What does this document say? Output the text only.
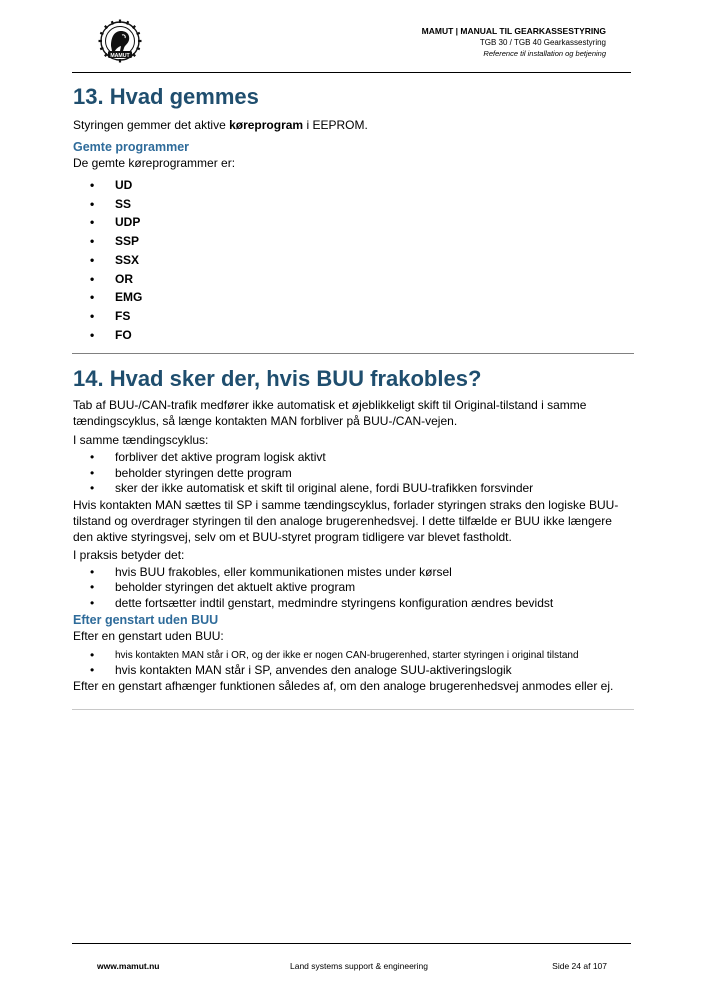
MAMUT
MAMUT | MANUAL TIL GEARKASSESTYRING
TGB 30 / TGB 40 Gearkassestyring
Reference til installation og betjening
13. Hvad gemmes

Styringen gemmer det aktive køreprogram i EEPROM.

Gemte programmer

De gemte køreprogrammer er:

• UD
• SS
• UDP
• SSP
• SSX
• OR
• EMG
• FS
• FO
14. Hvad sker der, hvis BUU frakobles?

Tab af BUU-/CAN-trafik medfører ikke automatisk et øjeblikkeligt skift til Original-tilstand i samme tændingscyklus, så længe kontakten MAN forbliver på BUU-/CAN-vejen.

I samme tændingscyklus:

• forbliver det aktive program logisk aktivt
• beholder styringen dette program
• sker der ikke automatisk et skift til original alene, fordi BUU-trafikken forsvinder

Hvis kontakten MAN sættes til SP i samme tændingscyklus, forlader styringen straks den logiske BUU-tilstand og overdrager styringen til den analoge brugerenhedsvej. I dette tilfælde er BUU ikke længere den aktive styringsvej, selv om et BUU-styret program tidligere var blevet fastholdt.

I praksis betyder det:

• hvis BUU frakobles, eller kommunikationen mistes under kørsel
• beholder styringen det aktuelt aktive program
• dette fortsætter indtil genstart, medmindre styringens konfiguration ændres bevidst
Efter genstart uden BUU

Efter en genstart uden BUU:

• hvis kontakten MAN står i OR, og der ikke er nogen CAN-brugerenhed, starter styringen i original tilstand
• hvis kontakten MAN står i SP, anvendes den analoge SUU-aktiveringslogik

Efter en genstart afhænger funktionen således af, om den analoge brugerenhedsvej anmodes eller ej.

www.mamut.nu	Land systems support & engineering	Side 24 af 107
